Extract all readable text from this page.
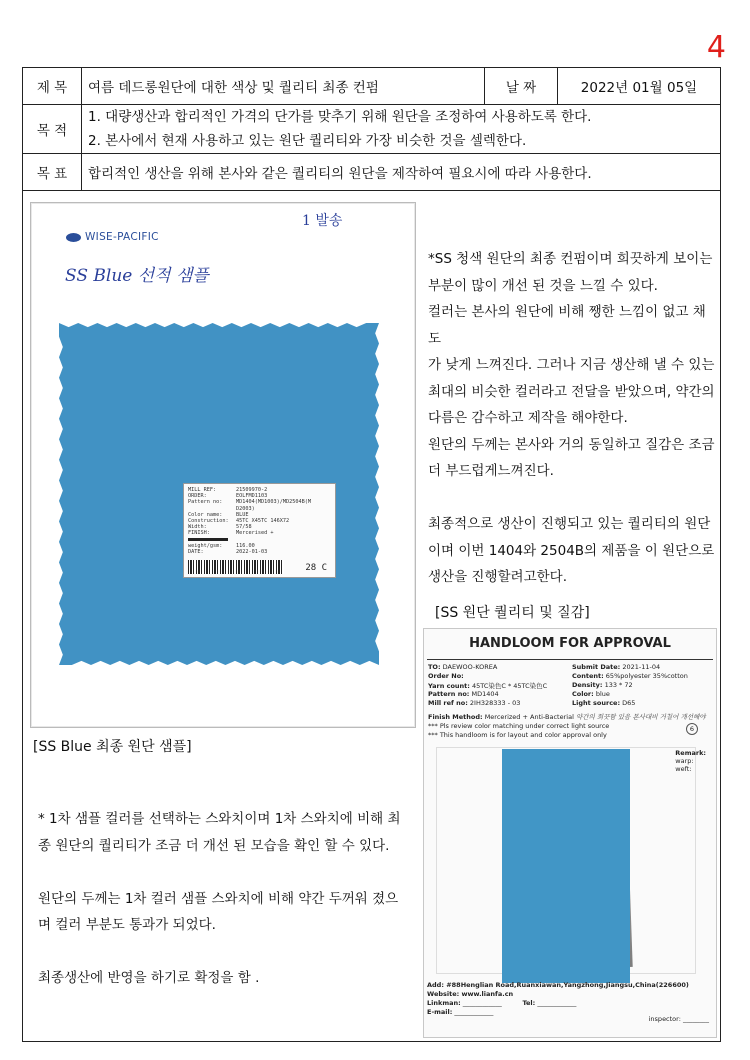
4
제 목	여름 데드롱원단에 대한 색상 및 퀄리티 최종 컨펌	날 짜	2022년 01월 05일
목 적	1. 대량생산과 합리적인 가격의 단가를 맞추기 위해 원단을 조정하여 사용하도록 한다.
2. 본사에서 현재 사용하고 있는 원단 퀄리티와 가장 비슷한 것을 셀렉한다.		

목 표	합리적인 생산을 위해 본사와 같은 퀄리티의 원단을 제작하여 필요시에 따라 사용한다.		
WISE-PACIFIC
SS Blue 선적 샘플
MILL REF:	21509970-2
ORDER:	EOLFMD1103
Pattern no:	MD1404(MD1003)/MD2504B(M
D2003)
Color name:	BLUE
Construction:	45TC X45TC 146X72
Width:	57/58
FINISH:	Mercerised +
weight/gsm:	116.00
DATE:	2022-01-03
28 C
1 발송
[SS Blue 최종 원단 샘플]
*SS 청색 원단의 최종 컨펌이며 희끗하게 보이는
부분이 많이 개선 된 것을 느낄 수 있다.
컬러는 본사의 원단에 비해 쨍한 느낌이 없고 채도
가 낮게 느껴진다. 그러나 지금 생산해 낼 수 있는
최대의 비슷한 컬러라고 전달을 받았으며, 약간의
다름은 감수하고 제작을 해야한다.
원단의 두께는 본사와 거의 동일하고 질감은 조금
더 부드럽게느껴진다.

최종적으로 생산이 진행되고 있는 퀄리티의 원단
이며 이번 1404와 2504B의 제품을 이 원단으로
생산을 진행할려고한다.
* 1차 샘플 컬러를 선택하는 스와치이며 1차 스와치에 비해 최
종 원단의 퀄리티가 조금 더 개선 된 모습을 확인 할 수 있다.

원단의 두께는 1차 컬러 샘플 스와치에 비해 약간 두꺼워 졌으
며 컬러 부분도 통과가 되었다.

최종생산에 반영을 하기로 확정을 함 .
[SS 원단 퀄리티 및 질감]
HANDLOOM FOR APPROVAL
TO: DAEWOO-KOREA	Submit Date: 2021-11-04
Order No:	Content: 65%polyester 35%cotton
Yarn count: 45TC染色C * 45TC染色C	Density: 133 * 72
Pattern no: MD1404	Color: blue
Mill ref no: 2IH328333 - 03	Light source: D65
Finish Method: Mercerized + Anti-Bacterial 약간의 희끗함 있음 본사대비 거칠어 개선해야
*** Pls review color matching under correct light source
*** This handloom is for layout and color approval only
6
Remark:
warp:
weft:
Add: #88Henglian Road,Ruanxiawan,Yangzhong,Jiangsu,China(226600)
Website: www.lianfa.cn
Linkman: ____________          Tel: ____________
E-mail: ____________
inspector: ________
